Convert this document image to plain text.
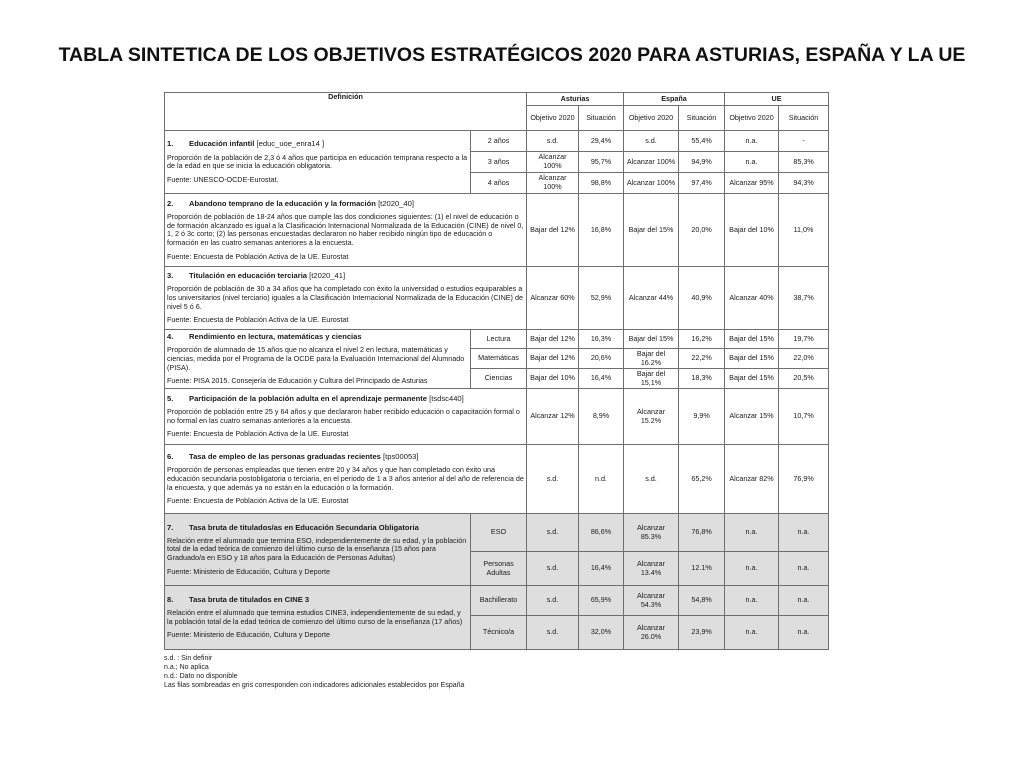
TABLA SINTETICA DE LOS OBJETIVOS ESTRATÉGICOS 2020 PARA ASTURIAS, ESPAÑA Y LA UE
Definición		Asturias		España		UE	
		Objetivo 2020	Situación	Objetivo 2020	Situación	Objetivo 2020	Situación

1. Educación infantil [educ_uoe_enra14 ]
Proporción de la población de 2,3 ó 4 años que participa en educación temprana respecto a la de la edad en que se inicia la educación obligatoria.
Fuente: UNESCO-OCDE-Eurostat.	2 años	s.d.	29,4%	s.d.	55,4%	n.a.	-
	3 años	Alcanzar 100%	95,7%	Alcanzar 100%	94,9%	n.a.	85,3%
	4 años	Alcanzar 100%	98,8%	Alcanzar 100%	97,4%	Alcanzar 95%	94,3%

2. Abandono temprano de la educación y la formación [t2020_40]
Proporción de población de 18-24 años que cumple las dos condiciones siguientes: (1) el nivel de educación o de formación alcanzado es igual a la Clasificación Internacional Normalizada de la Educación (CINE) de nivel 0, 1, 2 ó 3c corto; (2) las personas encuestadas declararon no haber recibido ningún tipo de educación o formación en las cuatro semanas anteriores a la encuesta.
Fuente: Encuesta de Población Activa de la UE. Eurostat		Bajar del 12%	16,8%	Bajar del 15%	20,0%	Bajar del 10%	11,0%

3. Titulación en educación terciaria [t2020_41]
Proporción de población de 30 a 34 años que ha completado con éxito la universidad o estudios equiparables a los universitarios (nivel terciario) iguales a la Clasificación Internacional Normalizada de la Educación (CINE) de nivel 5 ó 6.
Fuente: Encuesta de Población Activa de la UE. Eurostat		Alcanzar 60%	52,9%	Alcanzar 44%	40,9%	Alcanzar 40%	38,7%

4. Rendimiento en lectura, matemáticas y ciencias
Proporción de alumnado de 15 años que no alcanza el nivel 2 en lectura, matemáticas y ciencias, medida por el Programa de la OCDE para la Evaluación Internacional del Alumnado (PISA).
Fuente: PISA 2015. Consejería de Educación y Cultura del Principado de Asturias	Lectura	Bajar del 12%	16,3%	Bajar del 15%	16,2%	Bajar del 15%	19,7%
	Matemáticas	Bajar del 12%	20,6%	Bajar del 16.2%	22,2%	Bajar del 15%	22,0%
	Ciencias	Bajar del 10%	16,4%	Bajar del 15,1%	18,3%	Bajar del 15%	20,5%

5. Participación de la población adulta en el aprendizaje permanente [tsdsc440]
Proporción de población entre 25 y 64 años y que declararon haber recibido educación o capacitación formal o no formal en las cuatro semanas anteriores a la encuesta.
Fuente: Encuesta de Población Activa de la UE. Eurostat		Alcanzar 12%	8,9%	Alcanzar 15.2%	9,9%	Alcanzar 15%	10,7%

6. Tasa de empleo de las personas graduadas recientes [tps00053]
Proporción de personas empleadas que tienen entre 20 y 34 años y que han completado con éxito una educación secundaria postobligatoria o terciaria, en el periodo de 1 a 3 años anterior al del año de referencia de la encuesta, y que además ya no están en la educación o la formación.
Fuente: Encuesta de Población Activa de la UE. Eurostat		s.d.	n.d.	s.d.	65,2%	Alcanzar 82%	76,9%

7. Tasa bruta de titulados/as en Educación Secundaria Obligatoria
Relación entre el alumnado que termina ESO, independientemente de su edad, y la población total de la edad teórica de comienzo del último curso de la enseñanza (15 años para Graduado/a en ESO y 18 años para la Educación de Personas Adultas)
Fuente: Ministerio de Educación, Cultura y Deporte	ESO	s.d.	86,6%	Alcanzar 85.3%	76,8%	n.a.	n.a.
	Personas Adultas	s.d.	16,4%	Alcanzar 13.4%	12.1%	n.a.	n.a.

8. Tasa bruta de titulados en CINE 3
Relación entre el alumnado que termina estudios CINE3, independientemente de su edad, y la población total de la edad teórica de comienzo del último curso de la enseñanza (17 años)
Fuente: Ministerio de Educación, Cultura y Deporte	Bachillerato	s.d.	65,9%	Alcanzar 54.3%	54,8%	n.a.	n.a.
	Técnico/a	s.d.	32,0%	Alcanzar 26.0%	23,9%	n.a.	n.a.
s.d. : Sin definir
n.a.; No aplica
n.d.: Dato no disponible
Las filas sombreadas en gris corresponden con indicadores adicionales establecidos por España
